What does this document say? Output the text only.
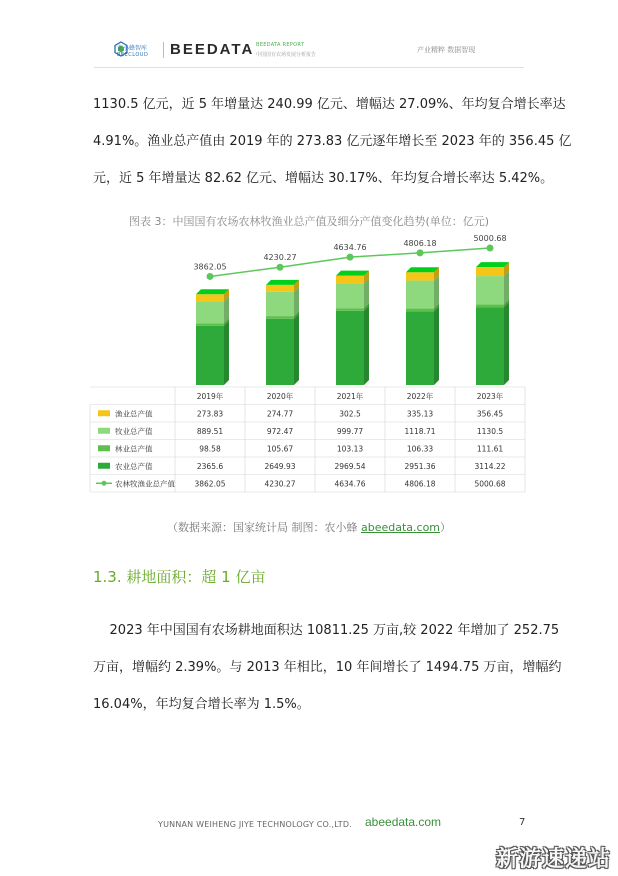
农小蜂智库
BEECLOUD BEEDATA BEEDATA REPORT
中国国有农场发展分析报告
产业精粹 数据智现
1130.5 亿元，近 5 年增量达 240.99 亿元、增幅达 27.09%、年均复合增长率达
4.91%。渔业总产值由 2019 年的 273.83 亿元逐年增长至 2023 年的 356.45 亿
元，近 5 年增量达 82.62 亿元、增幅达 30.17%、年均复合增长率达 5.42%。
图表 3：中国国有农场农林牧渔业总产值及细分产值变化趋势(单位：亿元)
3862.05
4230.27
4634.76	4806.18
5000.68
2019年	2020年	2021年	2022年	2023年
渔业总产值	273.83	274.77	302.5	335.13	356.45
牧业总产值	889.51	972.47	999.77	1118.71	1130.5
林业总产值	98.58	105.67	103.13	106.33	111.61
农业总产值	2365.6	2649.93	2969.54	2951.36	3114.22
农林牧渔业总产值	3862.05	4230.27	4634.76	4806.18	5000.68
（数据来源：国家统计局 制图：农小蜂 abeedata.com）
1.3. 耕地面积：超 1 亿亩
2023 年中国国有农场耕地面积达 10811.25 万亩,较 2022 年增加了 252.75
万亩，增幅约 2.39%。与 2013 年相比，10 年间增长了 1494.75 万亩，增幅约
16.04%，年均复合增长率为 1.5%。
YUNNAN WEIHENG JIYE TECHNOLOGY CO.,LTD. abeedata.com	7
新游速递站
